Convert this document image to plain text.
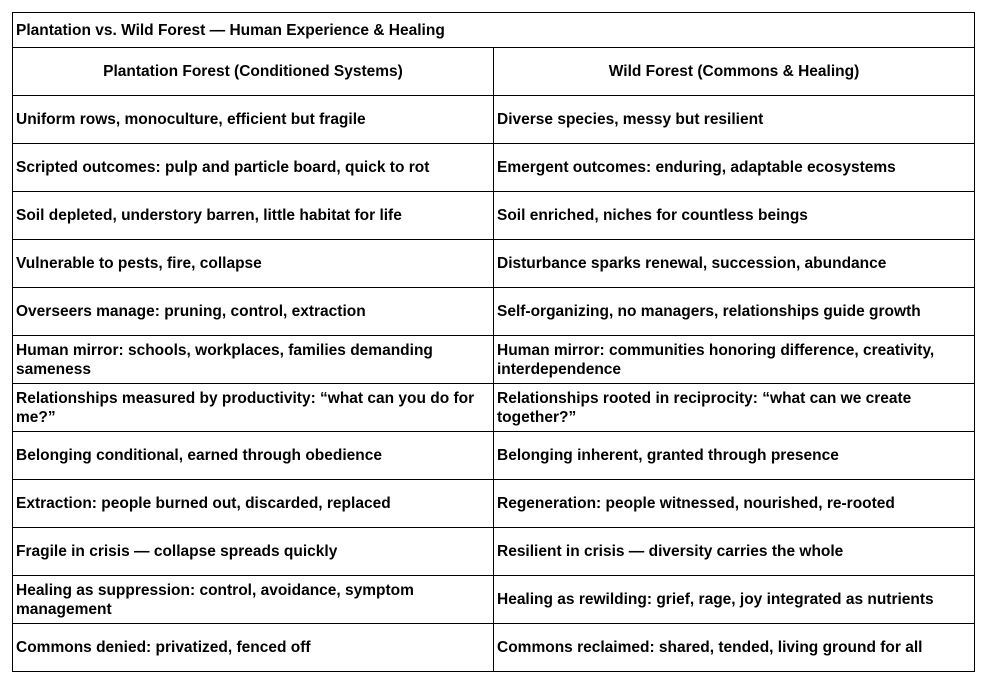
Plantation vs. Wild Forest — Human Experience & Healing	
Plantation Forest (Conditioned Systems)	Wild Forest (Commons & Healing)
Uniform rows, monoculture, efficient but fragile	Diverse species, messy but resilient
Scripted outcomes: pulp and particle board, quick to rot	Emergent outcomes: enduring, adaptable ecosystems
Soil depleted, understory barren, little habitat for life	Soil enriched, niches for countless beings
Vulnerable to pests, fire, collapse	Disturbance sparks renewal, succession, abundance
Overseers manage: pruning, control, extraction	Self-organizing, no managers, relationships guide growth
Human mirror: schools, workplaces, families demanding sameness	Human mirror: communities honoring difference, creativity, interdependence
Relationships measured by productivity: “what can you do for me?”	Relationships rooted in reciprocity: “what can we create together?”
Belonging conditional, earned through obedience	Belonging inherent, granted through presence
Extraction: people burned out, discarded, replaced	Regeneration: people witnessed, nourished, re-rooted
Fragile in crisis — collapse spreads quickly	Resilient in crisis — diversity carries the whole
Healing as suppression: control, avoidance, symptom management	Healing as rewilding: grief, rage, joy integrated as nutrients
Commons denied: privatized, fenced off	Commons reclaimed: shared, tended, living ground for all
